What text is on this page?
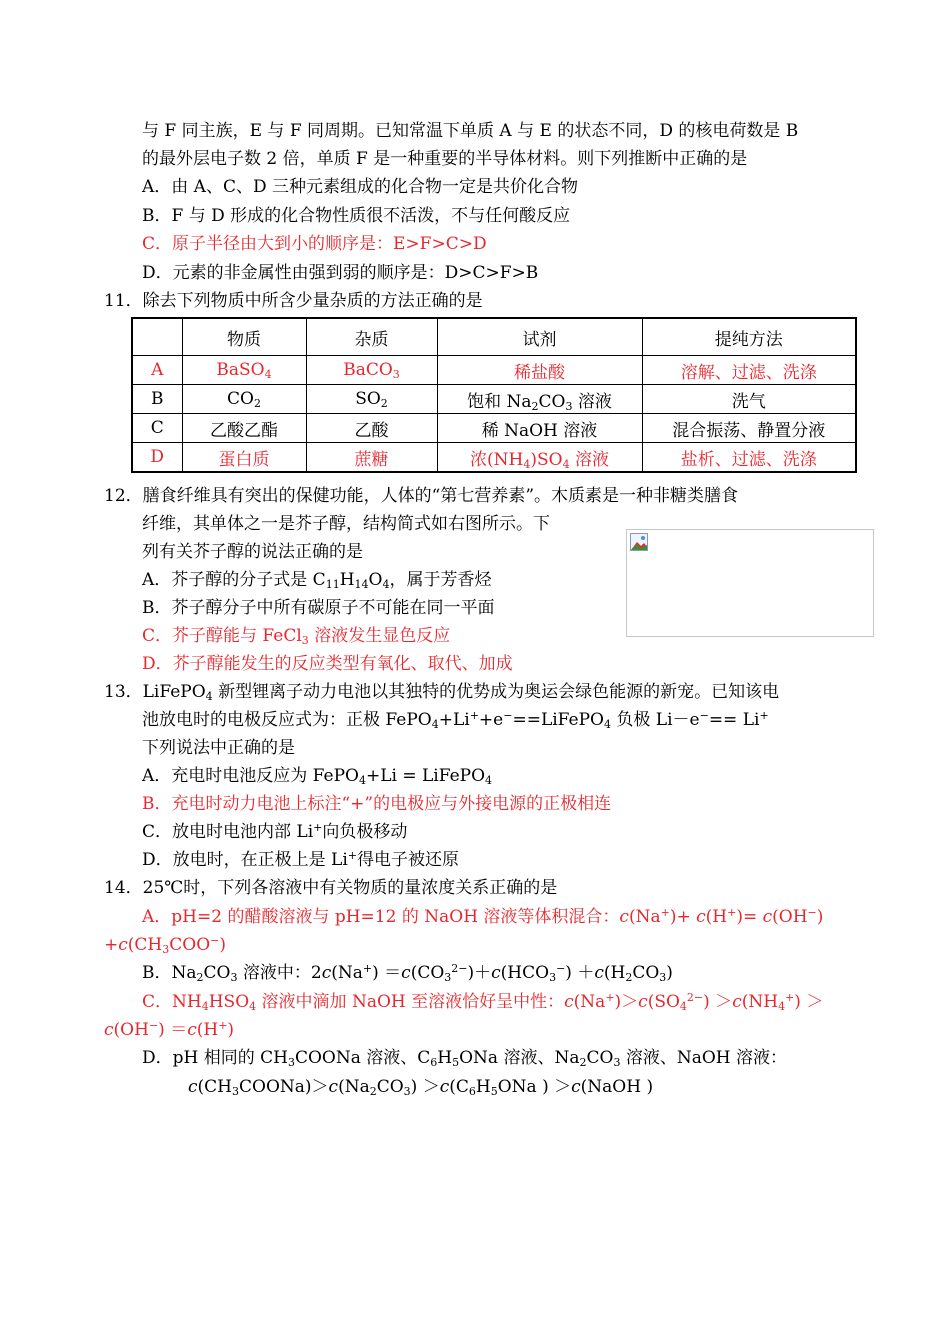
与 F 同主族，E 与 F 同周期。已知常温下单质 A 与 E 的状态不同，D 的核电荷数是 B
的最外层电子数 2 倍，单质 F 是一种重要的半导体材料。则下列推断中正确的是
A．由 A、C、D 三种元素组成的化合物一定是共价化合物
B．F 与 D 形成的化合物性质很不活泼，不与任何酸反应
C．原子半径由大到小的顺序是：E>F>C>D
D．元素的非金属性由强到弱的顺序是：D>C>F>B
11．除去下列物质中所含少量杂质的方法正确的是
	物质	杂质	试剂	提纯方法
A	BaSO$_4$	BaCO$_3$	稀盐酸	溶解、过滤、洗涤
B	$CO_2$	$SO_2$	饱和 $Na_2CO_3$ 溶液	洗气
C	乙酸乙酯	乙酸	稀 NaOH 溶液	混合振荡、静置分液
D	蛋白质	蔗糖	浓$(NH_4)SO_4$ 溶液	盐析、过滤、洗涤
12．膳食纤维具有突出的保健功能，人体的“第七营养素”。木质素是一种非糖类膳食
纤维，其单体之一是芥子醇，结构简式如右图所示。下
列有关芥子醇的说法正确的是
A．芥子醇的分子式是 $C_{11}H_{14}O_4$，属于芳香烃
B．芥子醇分子中所有碳原子不可能在同一平面
C．芥子醇能与 FeCl$_3$ 溶液发生显色反应
D．芥子醇能发生的反应类型有氧化、取代、加成
13．LiFePO$_4$ 新型锂离子动力电池以其独特的优势成为奥运会绿色能源的新宠。已知该电
池放电时的电极反应式为：正极 FePO$_4$+Li++e−==LiFePO$_4$ 负极 Li－e−== Li+
下列说法中正确的是
A．充电时电池反应为 FePO$_4$+Li = LiFePO$_4$
B．充电时动力电池上标注“+”的电极应与外接电源的正极相连
C．放电时电池内部 Li+向负极移动
D．放电时，在正极上是 Li+得电子被还原
14．25℃时，下列各溶液中有关物质的量浓度关系正确的是
A．pH=2 的醋酸溶液与 pH=12 的 NaOH 溶液等体积混合：c(Na+)+ c(H+)= c(OH−)
$+c(CH_3COO^-)$
B．$Na_2CO_3$ 溶液中：$2c(Na^+) =c(CO_3^{2-})+c(HCO_3^-) +c(H_2CO_3)$
C．$NH_4HSO_4$ 溶液中滴加 NaOH 至溶液恰好呈中性：$c(Na^+)>c(SO_4^{2-}) >c(NH_4^+)$ ＞
c(OH−) ＝c(H+)
D．pH 相同的 $CH_3COONa$ 溶液、$C_6H_5ONa$ 溶液、$Na_2CO_3$ 溶液、NaOH 溶液：
$c(CH_3COONa)>c(Na_2CO_3) >c(C_6H_5ONa$ ) ＞c(NaOH )
